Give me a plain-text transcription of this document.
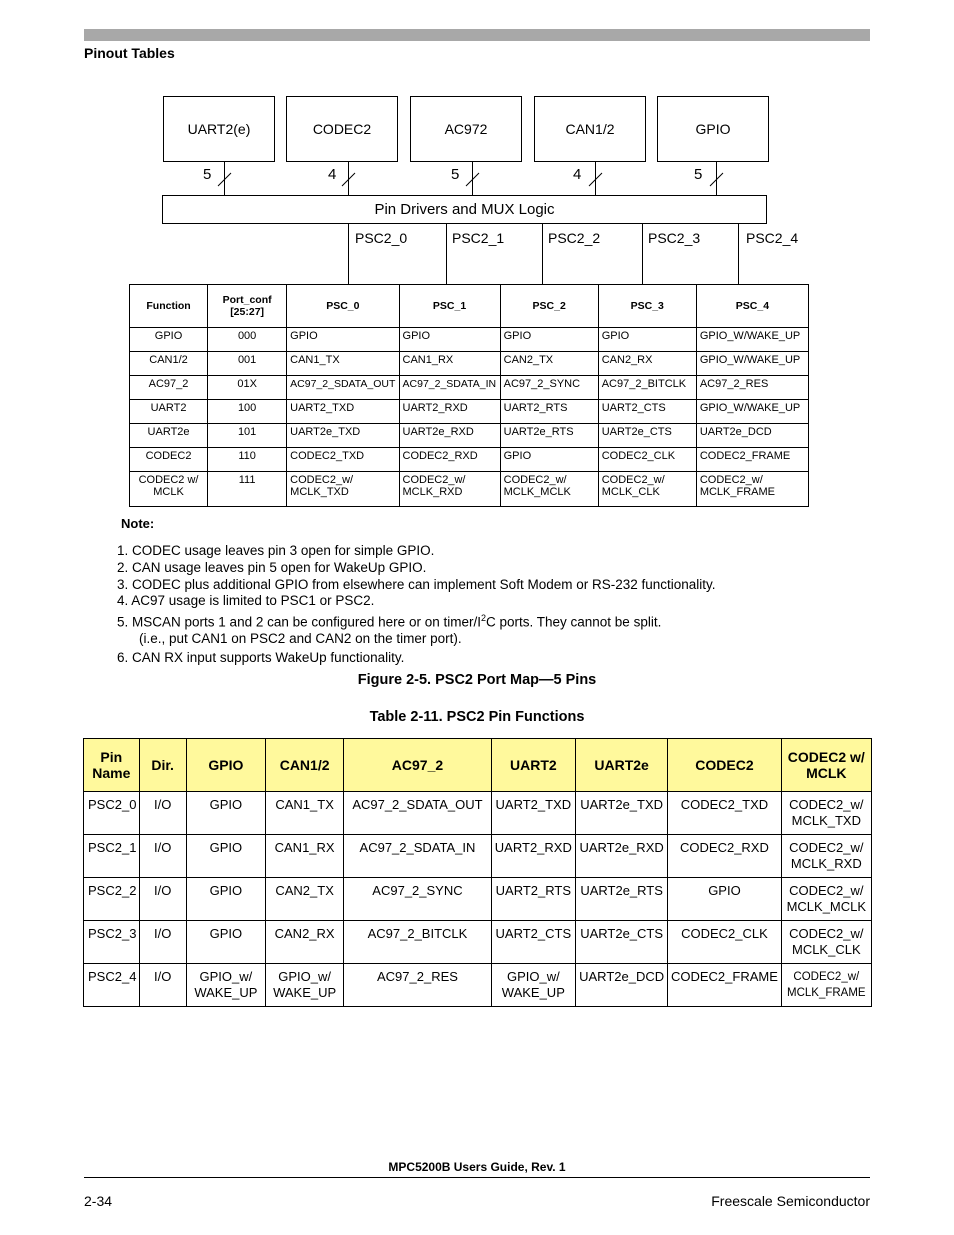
Pinout Tables
UART2(e)	CODEC2	AC972	CAN1/2	GPIO
5	4	5	4	5
Pin Drivers and MUX Logic
PSC2_0	PSC2_1	PSC2_2	PSC2_3	PSC2_4
Function	Port_conf [25:27]	PSC_0	PSC_1	PSC_2	PSC_3	PSC_4
GPIO	000	GPIO	GPIO	GPIO	GPIO	GPIO_W/WAKE_UP
CAN1/2	001	CAN1_TX	CAN1_RX	CAN2_TX	CAN2_RX	GPIO_W/WAKE_UP
AC97_2	01X	AC97_2_SDATA_OUT	AC97_2_SDATA_IN	AC97_2_SYNC	AC97_2_BITCLK	AC97_2_RES
UART2	100	UART2_TXD	UART2_RXD	UART2_RTS	UART2_CTS	GPIO_W/WAKE_UP
UART2e	101	UART2e_TXD	UART2e_RXD	UART2e_RTS	UART2e_CTS	UART2e_DCD
CODEC2	110	CODEC2_TXD	CODEC2_RXD	GPIO	CODEC2_CLK	CODEC2_FRAME
CODEC2 w/ MCLK	111	CODEC2_w/ MCLK_TXD	CODEC2_w/ MCLK_RXD	CODEC2_w/ MCLK_MCLK	CODEC2_w/ MCLK_CLK	CODEC2_w/ MCLK_FRAME
Note:
1. CODEC usage leaves pin 3 open for simple GPIO.
2. CAN usage leaves pin 5 open for WakeUp GPIO.
3. CODEC plus additional GPIO from elsewhere can implement Soft Modem or RS-232 functionality.
4. AC97 usage is limited to PSC1 or PSC2.
5. MSCAN ports 1 and 2 can be configured here or on timer/$I^2C$ ports. They cannot be split.
(i.e., put CAN1 on PSC2 and CAN2 on the timer port).
6. CAN RX input supports WakeUp functionality.
Figure 2-5. PSC2 Port Map—5 Pins
Table 2-11. PSC2 Pin Functions
Pin Name	Dir.	GPIO	CAN1/2	AC97_2	UART2	UART2e	CODEC2	CODEC2 w/ MCLK
PSC2_0	I/O	GPIO	CAN1_TX	AC97_2_SDATA_OUT	UART2_TXD	UART2e_TXD	CODEC2_TXD	CODEC2_w/ MCLK_TXD
PSC2_1	I/O	GPIO	CAN1_RX	AC97_2_SDATA_IN	UART2_RXD	UART2e_RXD	CODEC2_RXD	CODEC2_w/ MCLK_RXD
PSC2_2	I/O	GPIO	CAN2_TX	AC97_2_SYNC	UART2_RTS	UART2e_RTS	GPIO	CODEC2_w/ MCLK_MCLK
PSC2_3	I/O	GPIO	CAN2_RX	AC97_2_BITCLK	UART2_CTS	UART2e_CTS	CODEC2_CLK	CODEC2_w/ MCLK_CLK
PSC2_4	I/O	GPIO_w/ WAKE_UP	GPIO_w/ WAKE_UP	AC97_2_RES	GPIO_w/ WAKE_UP	UART2e_DCD	CODEC2_FRAME	CODEC2_w/ MCLK_FRAME
MPC5200B Users Guide, Rev. 1
2-34	Freescale Semiconductor
